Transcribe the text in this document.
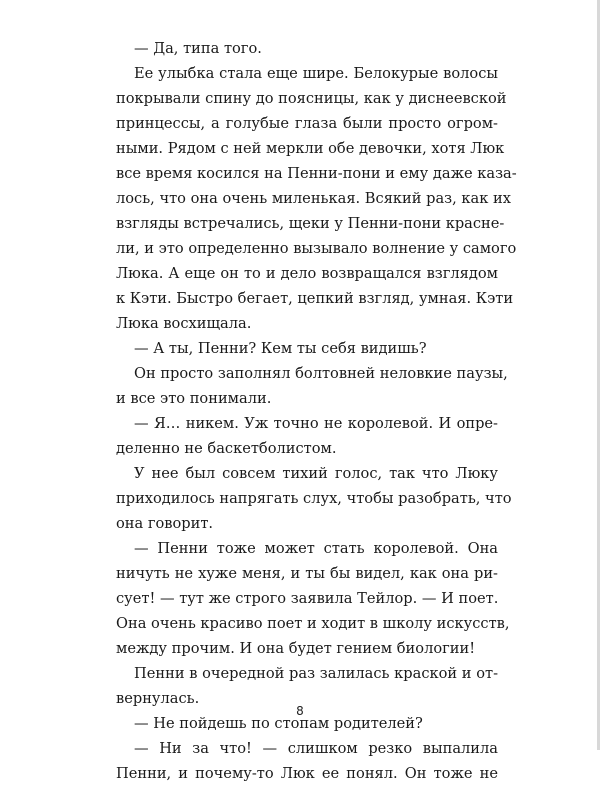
— Да, типа того.
Ее улыбка стала еще шире. Белокурые волосы
покрывали спину до поясницы, как у диснеевской
принцессы, а голубые глаза были просто огром-
ными. Рядом с ней меркли обе девочки, хотя Люк
все время косился на Пенни-пони и ему даже каза-
лось, что она очень миленькая. Всякий раз, как их
взгляды встречались, щеки у Пенни-пони красне-
ли, и это определенно вызывало волнение у самого
Люка. А еще он то и дело возвращался взглядом
к Кэти. Быстро бегает, цепкий взгляд, умная. Кэти
Люка восхищала.
— А ты, Пенни? Кем ты себя видишь?
Он просто заполнял болтовней неловкие паузы,
и все это понимали.
— Я… никем. Уж точно не королевой. И опре-
деленно не баскетболистом.
У нее был совсем тихий голос, так что Люку
приходилось напрягать слух, чтобы разобрать, что
она говорит.
— Пенни тоже может стать королевой. Она
ничуть не хуже меня, и ты бы видел, как она ри-
сует! — тут же строго заявила Тейлор. — И поет.
Она очень красиво поет и ходит в школу искусств,
между прочим. И она будет гением биологии!
Пенни в очередной раз залилась краской и от-
вернулась.
— Не пойдешь по стопам родителей?
— Ни за что! — слишком резко выпалила
Пенни, и почему-то Люк ее понял. Он тоже не
8
